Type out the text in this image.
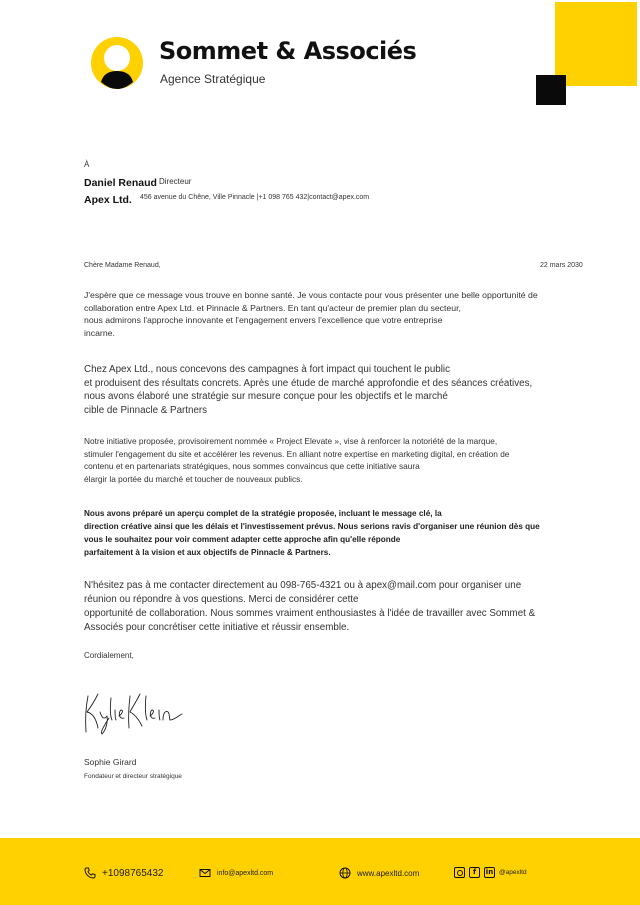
Sommet & Associés
Agence Stratégique
À
Daniel Renaud Directeur
Apex Ltd. 456 avenue du Chêne, Ville Pinnacle |+1 098 765 432|contact@apex.com
Chère Madame Renaud,	22 mars 2030
J'espère que ce message vous trouve en bonne santé. Je vous contacte pour vous présenter une belle opportunité de
collaboration entre Apex Ltd. et Pinnacle & Partners. En tant qu'acteur de premier plan du secteur,
nous admirons l'approche innovante et l'engagement envers l'excellence que votre entreprise
incarne.
Chez Apex Ltd., nous concevons des campagnes à fort impact qui touchent le public
et produisent des résultats concrets. Après une étude de marché approfondie et des séances créatives,
nous avons élaboré une stratégie sur mesure conçue pour les objectifs et le marché
cible de Pinnacle & Partners
Notre initiative proposée, provisoirement nommée « Project Elevate », vise à renforcer la notoriété de la marque,
stimuler l'engagement du site et accélérer les revenus. En alliant notre expertise en marketing digital, en création de
contenu et en partenariats stratégiques, nous sommes convaincus que cette initiative saura
élargir la portée du marché et toucher de nouveaux publics.
Nous avons préparé un aperçu complet de la stratégie proposée, incluant le message clé, la
direction créative ainsi que les délais et l'investissement prévus. Nous serions ravis d'organiser une réunion dès que
vous le souhaitez pour voir comment adapter cette approche afin qu'elle réponde
parfaitement à la vision et aux objectifs de Pinnacle & Partners.
N'hésitez pas à me contacter directement au 098-765-4321 ou à apex@mail.com pour organiser une
réunion ou répondre à vos questions. Merci de considérer cette
opportunité de collaboration. Nous sommes vraiment enthousiastes à l'idée de travailler avec Sommet &
Associés pour concrétiser cette initiative et réussir ensemble.
Cordialement,
Sophie Girard
Fondateur et directeur stratégique
+1098765432	info@apexltd.com	www.apexltd.com	f	in @apexltd
